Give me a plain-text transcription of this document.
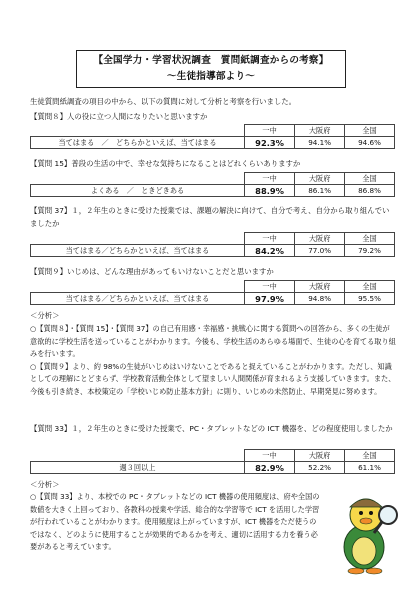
【全国学力・学習状況調査　質問紙調査からの考察】
〜生徒指導部より〜
生徒質問紙調査の項目の中から、以下の質問に対して分析と考察を行いました。
【質問８】人の役に立つ人間になりたいと思いますか
	一中	大阪府	全国
当てはまる　／　どちらかといえば、当てはまる	92.3%	94.1%	94.6%
【質問 15】普段の生活の中で、幸せな気持ちになることはどれくらいありますか
	一中	大阪府	全国
よくある　／　ときどきある	88.9%	86.1%	86.8%
【質問 37】１，２年生のときに受けた授業では、課題の解決に向けて、自分で考え、自分から取り組んでいましたか
	一中	大阪府	全国
当てはまる／どちらかといえば、当てはまる	84.2%	77.0%	79.2%
【質問９】いじめは、どんな理由があってもいけないことだと思いますか
	一中	大阪府	全国
当てはまる／どちらかといえば、当てはまる	97.9%	94.8%	95.5%
＜分析＞
○【質問８】・【質問 15】・【質問 37】の自己有用感・幸福感・挑戦心に関する質問への回答から、多くの生徒が意欲的に学校生活を送っていることがわかります。今後も、学校生活のあらゆる場面で、生徒の心を育てる取り組みを行います。
○【質問９】より、約 98%の生徒がいじめはいけないことであると捉えていることがわかります。ただし、知識としての理解にとどまらず、学校教育活動全体として望ましい人間関係が育まれるよう支援していきます。また、今後も引き続き、本校策定の「学校いじめ防止基本方針」に則り、いじめの未然防止、早期発見に努めます。
【質問 33】１，２年生のときに受けた授業で、PC・タブレットなどの ICT 機器を、どの程度使用しましたか
	一中	大阪府	全国
週３回以上	82.9%	52.2%	61.1%
＜分析＞
○【質問 33】より、本校での PC・タブレットなどの ICT 機器の使用頻度は、府や全国の数値を大きく上回っており、各教科の授業や学活、総合的な学習等で ICT を活用した学習が行われていることがわかります。使用頻度は上がっていますが、ICT 機器をただ使うのではなく、どのように使用することが効果的であるかを考え、適切に活用する力を養う必要があると考えています。
